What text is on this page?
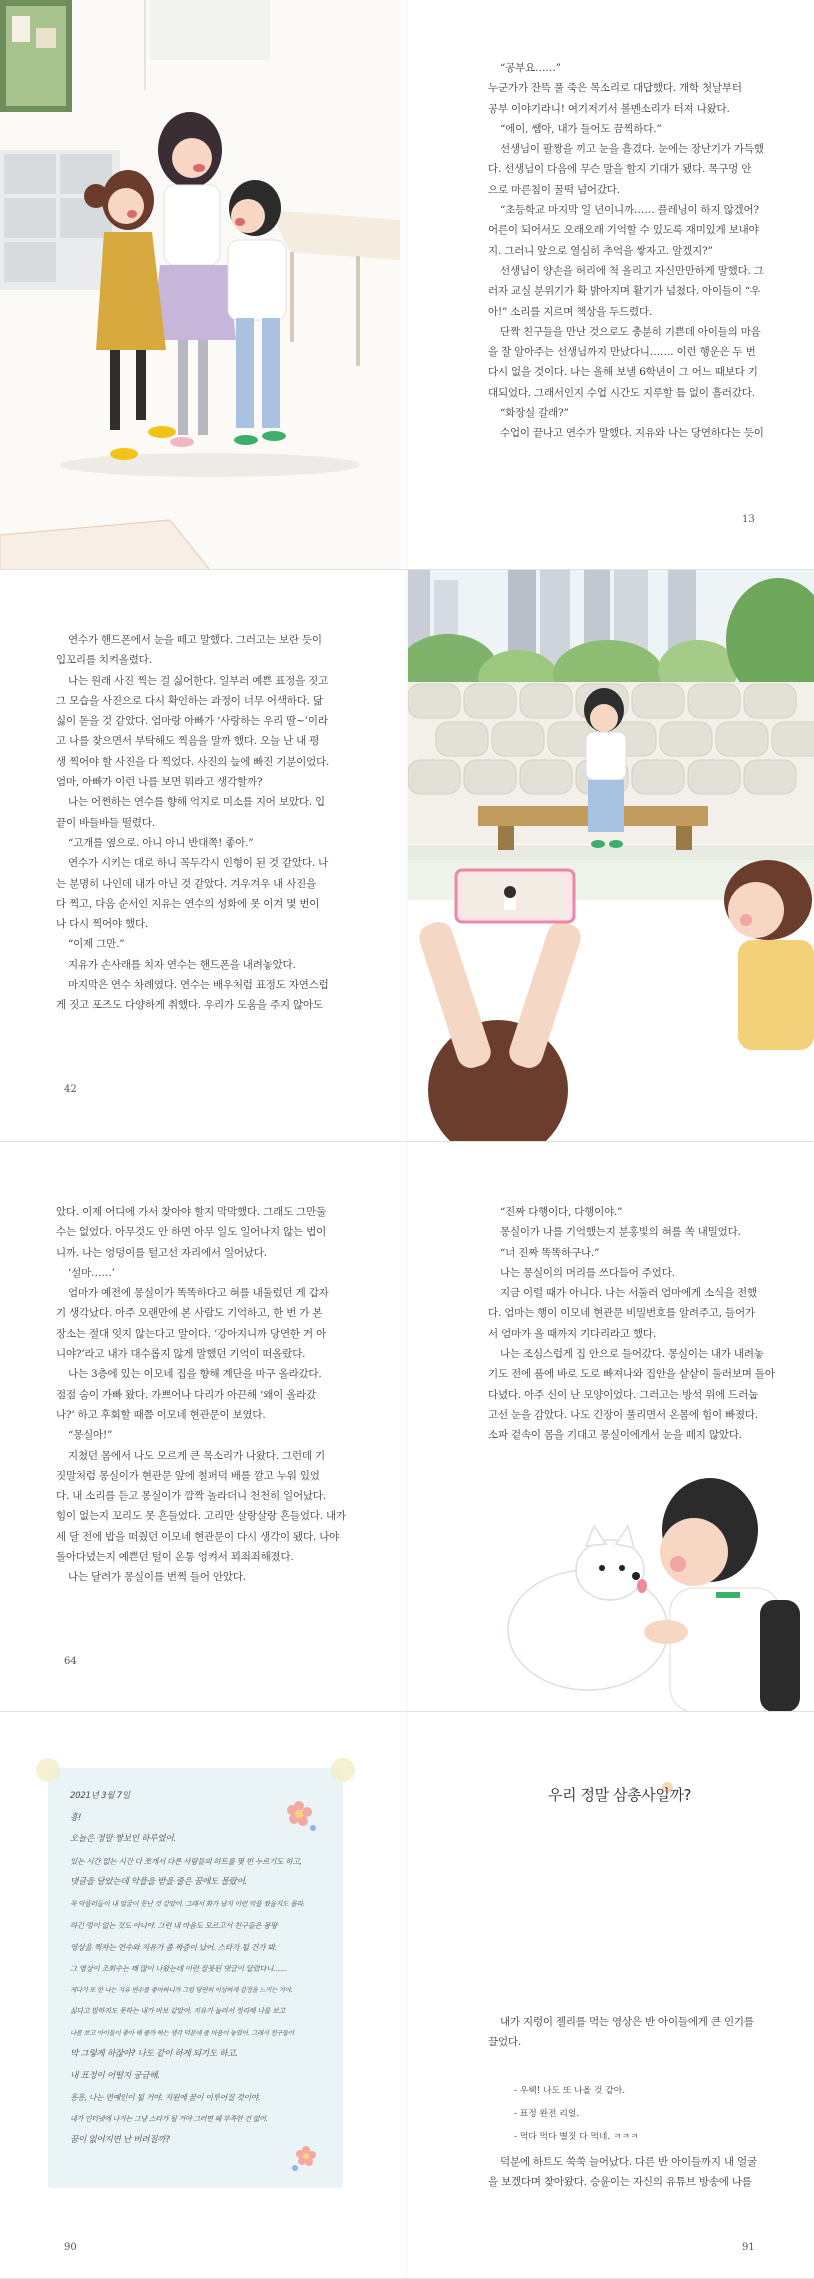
“공부요……”

누군가가 잔뜩 풀 죽은 목소리로 대답했다. 개학 첫날부터

공부 이야기라니! 여기저기서 볼멘소리가 터져 나왔다.

“에이, 쌤아, 내가 들어도 끔찍하다.”

선생님이 팔짱을 끼고 눈을 흘겼다. 눈에는 장난기가 가득했

다. 선생님이 다음에 무슨 말을 할지 기대가 됐다. 목구멍 안

으로 마른침이 꿀떡 넘어갔다.

“초등학교 마지막 일 년이니까…… 플레닝이 하지 않겠어?

어른이 되어서도 오래오래 기억할 수 있도록 재미있게 보내야

지. 그러니 앞으로 열심히 추억을 쌓자고. 알겠지?”

선생님이 양손을 허리에 척 올리고 자신만만하게 말했다. 그

러자 교실 분위기가 확 밝아지며 활기가 넘쳤다. 아이들이 “우

아!” 소리를 지르며 책상을 두드렸다.

단짝 친구들을 만난 것으로도 충분히 기쁜데 아이들의 마음

을 잘 알아주는 선생님까지 만났다니……. 이런 행운은 두 번

다시 없을 것이다. 나는 올해 보낼 6학년이 그 어느 때보다 기

대되었다. 그래서인지 수업 시간도 지루할 틈 없이 흘러갔다.

“화장실 갈래?”

수업이 끝나고 연수가 말했다. 지유와 나는 당연하다는 듯이

13

연수가 핸드폰에서 눈을 떼고 말했다. 그러고는 보란 듯이

입꼬리를 치켜올렸다.

나는 원래 사진 찍는 걸 싫어한다. 일부러 예쁜 표정을 짓고

그 모습을 사진으로 다시 확인하는 과정이 너무 어색하다. 닮

싫이 돋을 것 같았다. 엄마랑 아빠가 ‘사랑하는 우리 딸~’이라

고 나를 찾으면서 부탁해도 찍음을 말까 했다. 오늘 난 내 평

생 찍어야 할 사진을 다 찍었다. 사진의 늪에 빠진 기분이었다.

엄마, 아빠가 이런 나를 보면 뭐라고 생각할까?

나는 어쩐하는 연수를 향해 억지로 미소를 지어 보았다. 입

끝이 바들바들 떨렸다.

“고개를 옆으로. 아니 아니 반대쪽! 좋아.”

연수가 시키는 대로 하니 꼭두각시 인형이 된 것 같았다. 나

는 분명히 나인데 내가 아닌 것 같았다. 겨우겨우 내 사진을

다 찍고, 다음 순서인 지유는 연수의 성화에 못 이겨 몇 번이

나 다시 찍어야 했다.

“이제 그만.”

지유가 손사래를 치자 연수는 핸드폰을 내려놓았다.

마지막은 연수 차례였다. 연수는 배우처럼 표정도 자연스럽

게 짓고 포즈도 다양하게 취했다. 우리가 도움을 주지 않아도

42

았다. 이제 어디에 가서 찾아야 할지 막막했다. 그래도 그만둘

수는 없었다. 아무것도 안 하면 아무 일도 일어나지 않는 법이

니까. 나는 엉덩이를 털고선 자리에서 일어났다.

‘설마……’

엄마가 예전에 몽실이가 똑똑하다고 혀를 내둘렀던 게 갑자

기 생각났다. 아주 오랜만에 본 사람도 기억하고, 한 번 가 본

장소는 절대 잊지 않는다고 말이다. ‘강아지니까 당연한 거 아

니야?’라고 내가 대수롭지 않게 말했던 기억이 떠올랐다.

나는 3층에 있는 이모네 집을 향해 계단을 마구 올라갔다.

점점 숨이 가빠 왔다. 가쁘어나 다리가 아끈해 ‘왜이 올라갔

나?’ 하고 후회할 때쯤 이모네 현관문이 보였다.

“몽실아!”

지쳤던 몸에서 나도 모르게 큰 목소리가 나왔다. 그런데 기

짓말처럼 몽실이가 현관문 앞에 철퍼덕 배를 깔고 누워 있었

다. 내 소리를 듣고 몽실이가 깜짝 놀라더니 천천히 일어났다.

힘이 없는지 꼬리도 못 흔들었다. 고리만 살랑살랑 흔들었다. 내가

세 달 전에 밥을 떠줬던 이모네 현관문이 다시 생각이 됐다. 나야

돌아다녔는지 예쁜던 털이 온통 엉켜서 꾀죄죄해졌다.

나는 달려가 몽실이를 번쩍 들어 안았다.

64

“진짜 다행이다, 다행이야.”

몽실이가 나를 기억했는지 분홍빛의 혀를 쏙 내밀었다.

“너 진짜 똑똑하구나.”

나는 몽실이의 머리를 쓰다듬어 주었다.

지금 이럴 때가 아니다. 나는 서둘러 엄마에게 소식을 전했

다. 엄마는 행이 이모네 현관문 비밀번호를 알려주고, 들어가

서 엄마가 올 때까지 기다리라고 했다.

나는 조심스럽게 집 안으로 들어갔다. 몽실이는 내가 내려놓

기도 전에 품에 바로 도로 빠져나와 집안을 샅샅이 둘러보며 돌아

다녔다. 아주 신이 난 모양이었다. 그러고는 방석 위에 드러눕

고선 눈을 감았다. 나도 긴장이 풀리면서 온몸에 힘이 빠졌다.

소파 겉속이 몸을 기대고 몽실이에게서 눈을 떼지 않았다.

2021년 3월 7일

흥!

오늘은 정말 짱보인 하루였어.

있는 시간 없는 시간 다 쪼개서 다른 사람들의 하트를 몇 번 누르기도 하고,

댓글을 달았는데 악플을 받을 줄은 꿈에도 몰랐어.

꼭 악플러들이 내 얼굴이 못난 것 같았어. 그래서 화가 났지 이런 악플 썼을지도 몰라.

하긴 멍이 없는 것도 아니야. 그런 내 마음도 모르고서 친구들은 몽땅

영상을 찍자는 연수와 지유가 좀 짜증이 났어. 스타가 될 건가 봐.

그 영상이 조회수는 꽤 많이 나왔는데 이런 잘못된 댓글이 달렸다니……

게다가 또 한 나는 지유 연수를 좋아하니까 그럼 당연히 이상하게 감정을 느끼는 거야.

싫다고 말하지도 못하는 내가 바보 같았어. 지유가 놀라서 정리해 나를 보고

나를 보고 아이들이 좋아 해 줄까 하는 생각 덕분에 좀 마음이 놓였어. 그래서 친구들이

막 그렇게 하잖아? 나도 같이 하게 되기도 하고.

내 표정이 어떨지 궁금해.

흥흥, 나는 연예인이 될 거야. 지원에 꿈이 이루어질 것이야.

내가 인터넷에 나가는 그냥 스타가 될 거야 그러면 왜 부족한 건 없어.

꿈이 없어지면 난 버려질까?

90
우리 정말 삼총사일까?

내가 지렁이 젤리를 먹는 영상은 반 아이들에게 큰 인기를

끌었다.

- 우웩! 나도 또 나올 것 같아.

- 표정 완전 리얼.

- 먹다 먹다 별짓 다 먹네. ㅋㅋㅋ

덕분에 하트도 쑥쑥 늘어났다. 다른 반 아이들까지 내 얼굴

을 보겠다며 찾아왔다. 승윤이는 자신의 유튜브 방송에 나를

91
